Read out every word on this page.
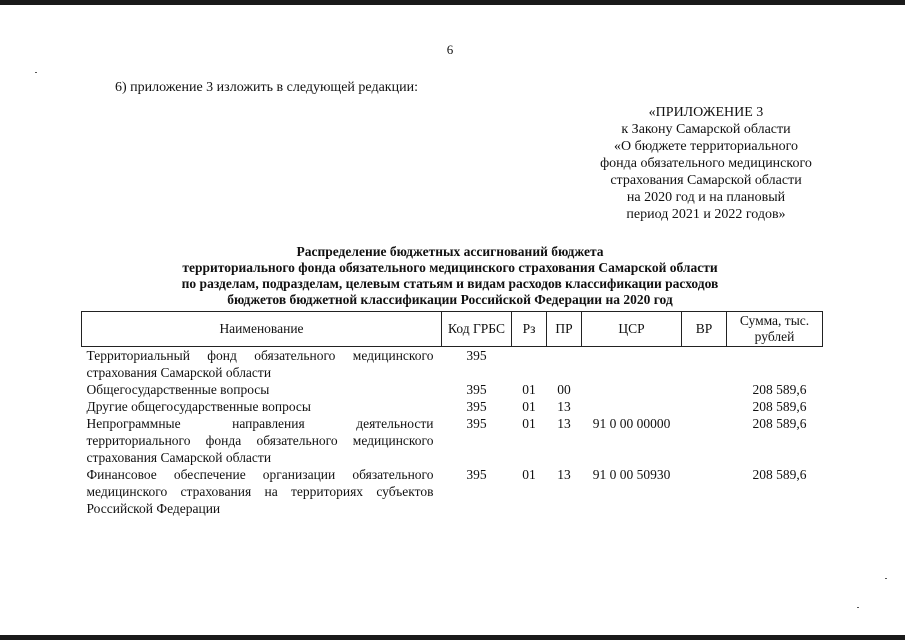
6
6) приложение 3 изложить в следующей редакции:
«ПРИЛОЖЕНИЕ 3
к Закону Самарской области
«О бюджете территориального
фонда обязательного медицинского
страхования Самарской области
на 2020 год и на плановый
период 2021 и 2022 годов»
Распределение бюджетных ассигнований бюджета
территориального фонда обязательного медицинского страхования Самарской области
по разделам, подразделам, целевым статьям и видам расходов классификации расходов
бюджетов бюджетной классификации Российской Федерации на 2020 год
Наименование	Код ГРБС	Рз	ПР	ЦСР	ВР	Сумма, тыс. рублей
Территориальный фонд обязательного медицинского страхования Самарской области	395					
Общегосударственные вопросы	395	01	00			208 589,6
Другие общегосударственные вопросы	395	01	13			208 589,6
Непрограммные направления деятельности территориального фонда обязательного медицинского страхования Самарской области	395	01	13	91 0 00 00000		208 589,6
Финансовое обеспечение организации обязательного медицинского страхования на территориях субъектов Российской Федерации	395	01	13	91 0 00 50930		208 589,6
